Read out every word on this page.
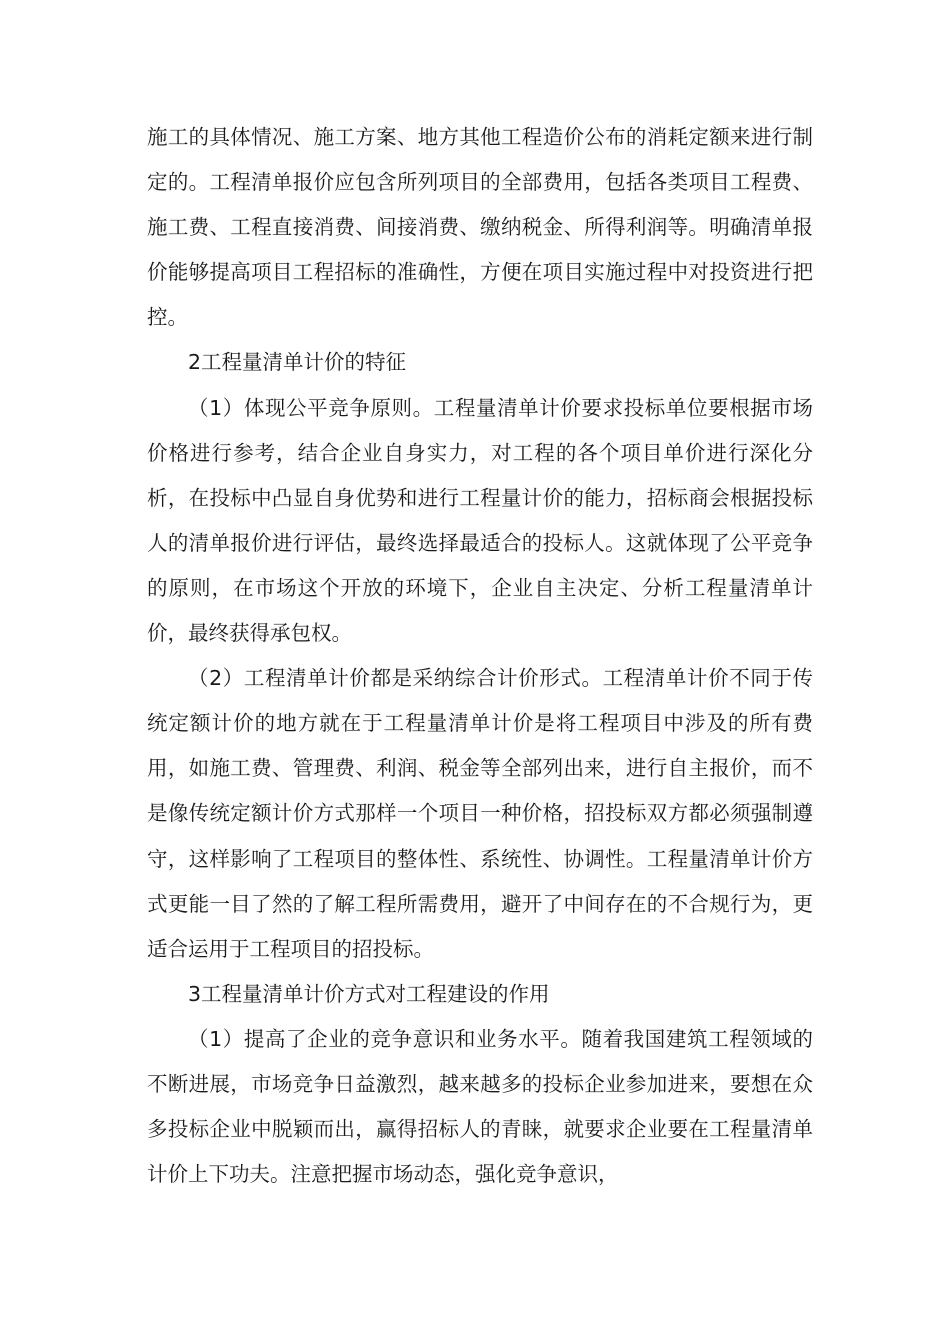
施工的具体情况、施工方案、地方其他工程造价公布的消耗定额来进行制定的。工程清单报价应包含所列项目的全部费用，包括各类项目工程费、施工费、工程直接消费、间接消费、缴纳税金、所得利润等。明确清单报价能够提高项目工程招标的准确性，方便在项目实施过程中对投资进行把控。

2工程量清单计价的特征

（1）体现公平竞争原则。工程量清单计价要求投标单位要根据市场价格进行参考，结合企业自身实力，对工程的各个项目单价进行深化分析，在投标中凸显自身优势和进行工程量计价的能力，招标商会根据投标人的清单报价进行评估，最终选择最适合的投标人。这就体现了公平竞争的原则，在市场这个开放的环境下，企业自主决定、分析工程量清单计价，最终获得承包权。

（2）工程清单计价都是采纳综合计价形式。工程清单计价不同于传统定额计价的地方就在于工程量清单计价是将工程项目中涉及的所有费用，如施工费、管理费、利润、税金等全部列出来，进行自主报价，而不是像传统定额计价方式那样一个项目一种价格，招投标双方都必须强制遵守，这样影响了工程项目的整体性、系统性、协调性。工程量清单计价方式更能一目了然的了解工程所需费用，避开了中间存在的不合规行为，更适合运用于工程项目的招投标。

3工程量清单计价方式对工程建设的作用

（1）提高了企业的竞争意识和业务水平。随着我国建筑工程领域的不断进展，市场竞争日益激烈，越来越多的投标企业参加进来，要想在众多投标企业中脱颖而出，赢得招标人的青睐，就要求企业要在工程量清单计价上下功夫。注意把握市场动态，强化竞争意识，
